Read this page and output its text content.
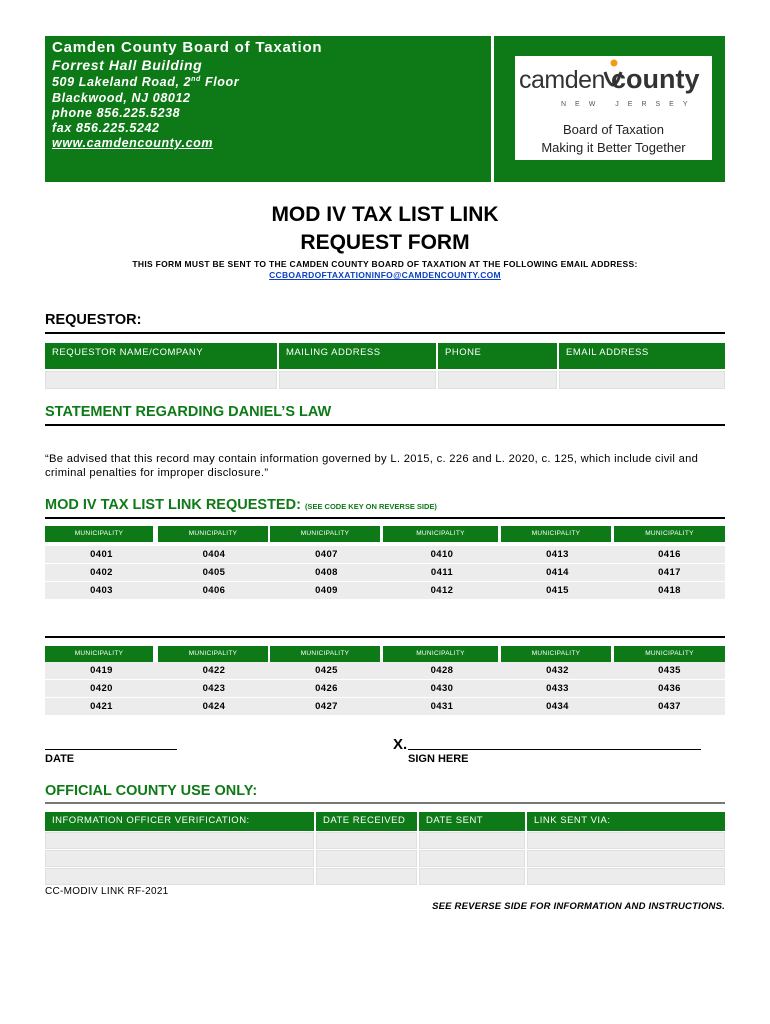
Camden County Board of Taxation
Forrest Hall Building
509 Lakeland Road, 2nd Floor
Blackwood, NJ 08012
phone 856.225.5238
fax 856.225.5242
www.camdencounty.com
camden county
NEW JERSEY
Board of Taxation
Making it Better Together
MOD IV TAX LIST LINK
REQUEST FORM
THIS FORM MUST BE SENT TO THE CAMDEN COUNTY BOARD OF TAXATION AT THE FOLLOWING EMAIL ADDRESS:
CCBOARDOFTAXATIONINFO@CAMDENCOUNTY.COM
REQUESTOR:
REQUESTOR NAME/COMPANY	MAILING ADDRESS	PHONE	EMAIL ADDRESS
STATEMENT REGARDING DANIEL’S LAW
“Be advised that this record may contain information governed by L. 2015, c. 226 and L. 2020, c. 125, which include civil and criminal penalties for improper disclosure.”
MOD IV TAX LIST LINK REQUESTED: (SEE CODE KEY ON REVERSE SIDE)
MUNICIPALITY	MUNICIPALITY	MUNICIPALITY	MUNICIPALITY	MUNICIPALITY	MUNICIPALITY
0401	0404	0407	0410	0413	0416
0402	0405	0408	0411	0414	0417
0403	0406	0409	0412	0415	0418
MUNICIPALITY	MUNICIPALITY	MUNICIPALITY	MUNICIPALITY	MUNICIPALITY	MUNICIPALITY
0419	0422	0425	0428	0432	0435
0420	0423	0426	0430	0433	0436
0421	0424	0427	0431	0434	0437
DATE
X.
SIGN HERE
OFFICIAL COUNTY USE ONLY:
INFORMATION OFFICER VERIFICATION:	DATE RECEIVED	DATE SENT	LINK SENT VIA:
CC-MODIV LINK RF-2021
SEE REVERSE SIDE FOR INFORMATION AND INSTRUCTIONS.
